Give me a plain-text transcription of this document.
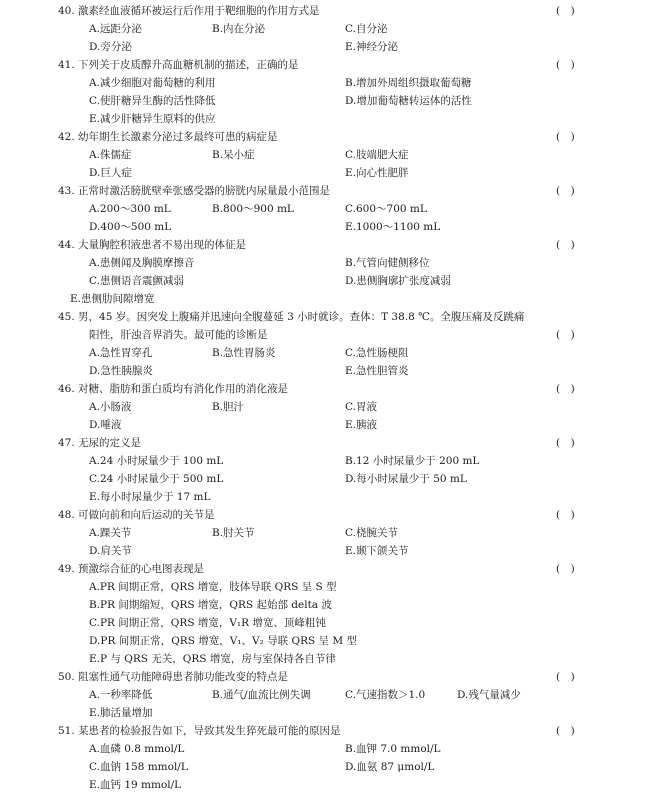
40. 激素经血液循环被运行后作用于靶细胞的作用方式是	(　)
A.远距分泌	B.内在分泌	C.自分泌
D.旁分泌	E.神经分泌
41. 下列关于皮质醇升高血糖机制的描述，正确的是	(　)
A.减少细胞对葡萄糖的利用	B.增加外周组织摄取葡萄糖
C.使肝糖异生酶的活性降低	D.增加葡萄糖转运体的活性
E.减少肝糖异生原料的供应
42. 幼年期生长激素分泌过多最终可患的病症是	(　)
A.侏儒症	B.呆小症	C.肢端肥大症
D.巨人症	E.向心性肥胖
43. 正常时激活膀胱壁牵张感受器的膀胱内尿量最小范围是	(　)
A.200～300 mL	B.800～900 mL	C.600～700 mL
D.400～500 mL	E.1000～1100 mL
44. 大量胸腔积液患者不易出现的体征是	(　)
A.患侧闻及胸膜摩擦音	B.气管向健侧移位
C.患侧语音震颤减弱	D.患侧胸廓扩张度减弱
E.患侧肋间隙增宽
45. 男，45 岁。因突发上腹痛并迅速向全腹蔓延 3 小时就诊。查体：T 38.8 ℃。全腹压痛及反跳痛
阳性，肝浊音界消失。最可能的诊断是	(　)
A.急性胃穿孔	B.急性胃肠炎	C.急性肠梗阻
D.急性胰腺炎	E.急性胆管炎
46. 对糖、脂肪和蛋白质均有消化作用的消化液是	(　)
A.小肠液	B.胆汁	C.胃液
D.唾液	E.胰液
47. 无尿的定义是	(　)
A.24 小时尿量少于 100 mL	B.12 小时尿量少于 200 mL
C.24 小时尿量少于 500 mL	D.每小时尿量少于 50 mL
E.每小时尿量少于 17 mL
48. 可做向前和向后运动的关节是	(　)
A.踝关节	B.肘关节	C.桡腕关节
D.肩关节	E.颞下颌关节
49. 预激综合征的心电图表现是	(　)
A.PR 间期正常，QRS 增宽，肢体导联 QRS 呈 S 型
B.PR 间期缩短，QRS 增宽，QRS 起始部 delta 波
C.PR 间期正常，QRS 增宽，V₁R 增宽、顶峰粗钝
D.PR 间期正常，QRS 增宽，V₁、V₂ 导联 QRS 呈 M 型
E.P 与 QRS 无关，QRS 增宽，房与室保持各自节律
50. 阻塞性通气功能障碍患者肺功能改变的特点是	(　)
A.一秒率降低	B.通气/血流比例失调	C.气速指数＞1.0	D.残气量减少
E.肺活量增加
51. 某患者的检验报告如下，导致其发生猝死最可能的原因是	(　)
A.血磷 0.8 mmol/L	B.血钾 7.0 mmol/L
C.血钠 158 mmol/L	D.血氨 87 μmol/L
E.血钙 19 mmol/L
